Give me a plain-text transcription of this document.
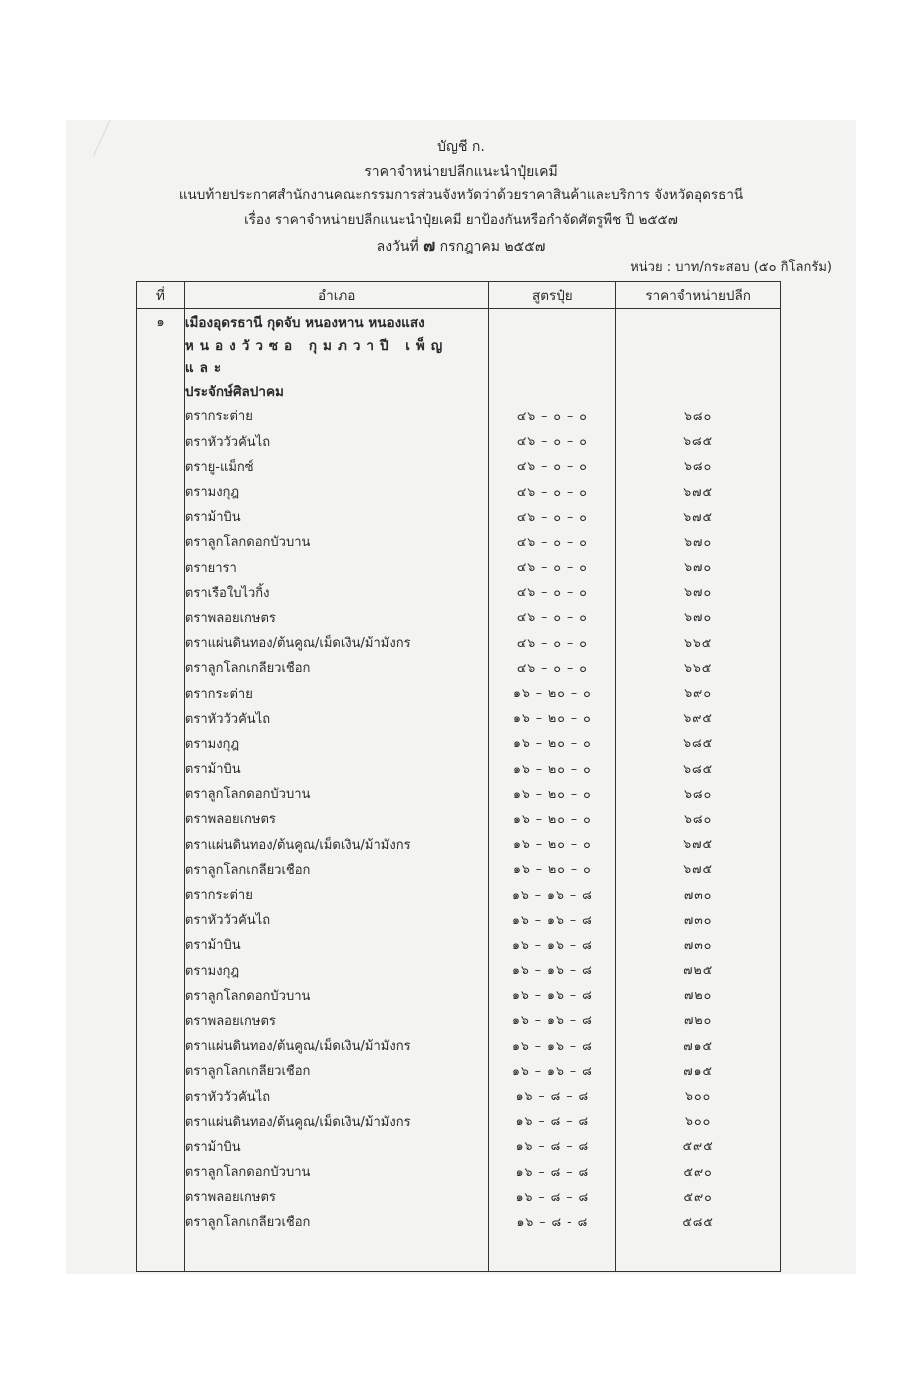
บัญชี ก.
ราคาจำหน่ายปลีกแนะนำปุ๋ยเคมี
แนบท้ายประกาศสำนักงานคณะกรรมการส่วนจังหวัดว่าด้วยราคาสินค้าและบริการ จังหวัดอุดรธานี
เรื่อง ราคาจำหน่ายปลีกแนะนำปุ๋ยเคมี ยาป้องกันหรือกำจัดศัตรูพืช ปี ๒๕๕๗
ลงวันที่ ๗ กรกฎาคม ๒๕๕๗
หน่วย : บาท/กระสอบ (๕๐ กิโลกรัม)
ที่	อำเภอ	สูตรปุ๋ย	ราคาจำหน่ายปลีก
๑	เมืองอุดรธานี กุดจับ หนองหาน หนองแสง		
	หนองวัวซอ กุมภวาปี เพ็ญ และ		
	ประจักษ์ศิลปาคม		
	ตรากระต่าย	๔๖ – ๐ – ๐	๖๘๐
	ตราหัววัวคันไถ	๔๖ – ๐ – ๐	๖๘๕
	ตรายู-แม็กซ์	๔๖ – ๐ – ๐	๖๘๐
	ตรามงกุฎ	๔๖ – ๐ – ๐	๖๗๕
	ตราม้าบิน	๔๖ – ๐ – ๐	๖๗๕
	ตราลูกโลกดอกบัวบาน	๔๖ – ๐ – ๐	๖๗๐
	ตรายารา	๔๖ – ๐ – ๐	๖๗๐
	ตราเรือใบไวกิ้ง	๔๖ – ๐ – ๐	๖๗๐
	ตราพลอยเกษตร	๔๖ – ๐ – ๐	๖๗๐
	ตราแผ่นดินทอง/ต้นคูณ/เม็ดเงิน/ม้ามังกร	๔๖ – ๐ – ๐	๖๖๕
	ตราลูกโลกเกลียวเชือก	๔๖ – ๐ – ๐	๖๖๕
	ตรากระต่าย	๑๖ – ๒๐ – ๐	๖๙๐
	ตราหัววัวคันไถ	๑๖ – ๒๐ – ๐	๖๙๕
	ตรามงกุฎ	๑๖ – ๒๐ – ๐	๖๘๕
	ตราม้าบิน	๑๖ – ๒๐ – ๐	๖๘๕
	ตราลูกโลกดอกบัวบาน	๑๖ – ๒๐ – ๐	๖๘๐
	ตราพลอยเกษตร	๑๖ – ๒๐ – ๐	๖๘๐
	ตราแผ่นดินทอง/ต้นคูณ/เม็ดเงิน/ม้ามังกร	๑๖ – ๒๐ – ๐	๖๗๕
	ตราลูกโลกเกลียวเชือก	๑๖ – ๒๐ – ๐	๖๗๕
	ตรากระต่าย	๑๖ – ๑๖ – ๘	๗๓๐
	ตราหัววัวคันไถ	๑๖ – ๑๖ – ๘	๗๓๐
	ตราม้าบิน	๑๖ – ๑๖ – ๘	๗๓๐
	ตรามงกุฎ	๑๖ – ๑๖ – ๘	๗๒๕
	ตราลูกโลกดอกบัวบาน	๑๖ – ๑๖ – ๘	๗๒๐
	ตราพลอยเกษตร	๑๖ – ๑๖ – ๘	๗๒๐
	ตราแผ่นดินทอง/ต้นคูณ/เม็ดเงิน/ม้ามังกร	๑๖ – ๑๖ – ๘	๗๑๕
	ตราลูกโลกเกลียวเชือก	๑๖ – ๑๖ – ๘	๗๑๕
	ตราหัววัวคันไถ	๑๖ – ๘ – ๘	๖๐๐
	ตราแผ่นดินทอง/ต้นคูณ/เม็ดเงิน/ม้ามังกร	๑๖ – ๘ – ๘	๖๐๐
	ตราม้าบิน	๑๖ – ๘ – ๘	๕๙๕
	ตราลูกโลกดอกบัวบาน	๑๖ – ๘ – ๘	๕๙๐
	ตราพลอยเกษตร	๑๖ – ๘ – ๘	๕๙๐
	ตราลูกโลกเกลียวเชือก	๑๖ – ๘ - ๘	๕๘๕
